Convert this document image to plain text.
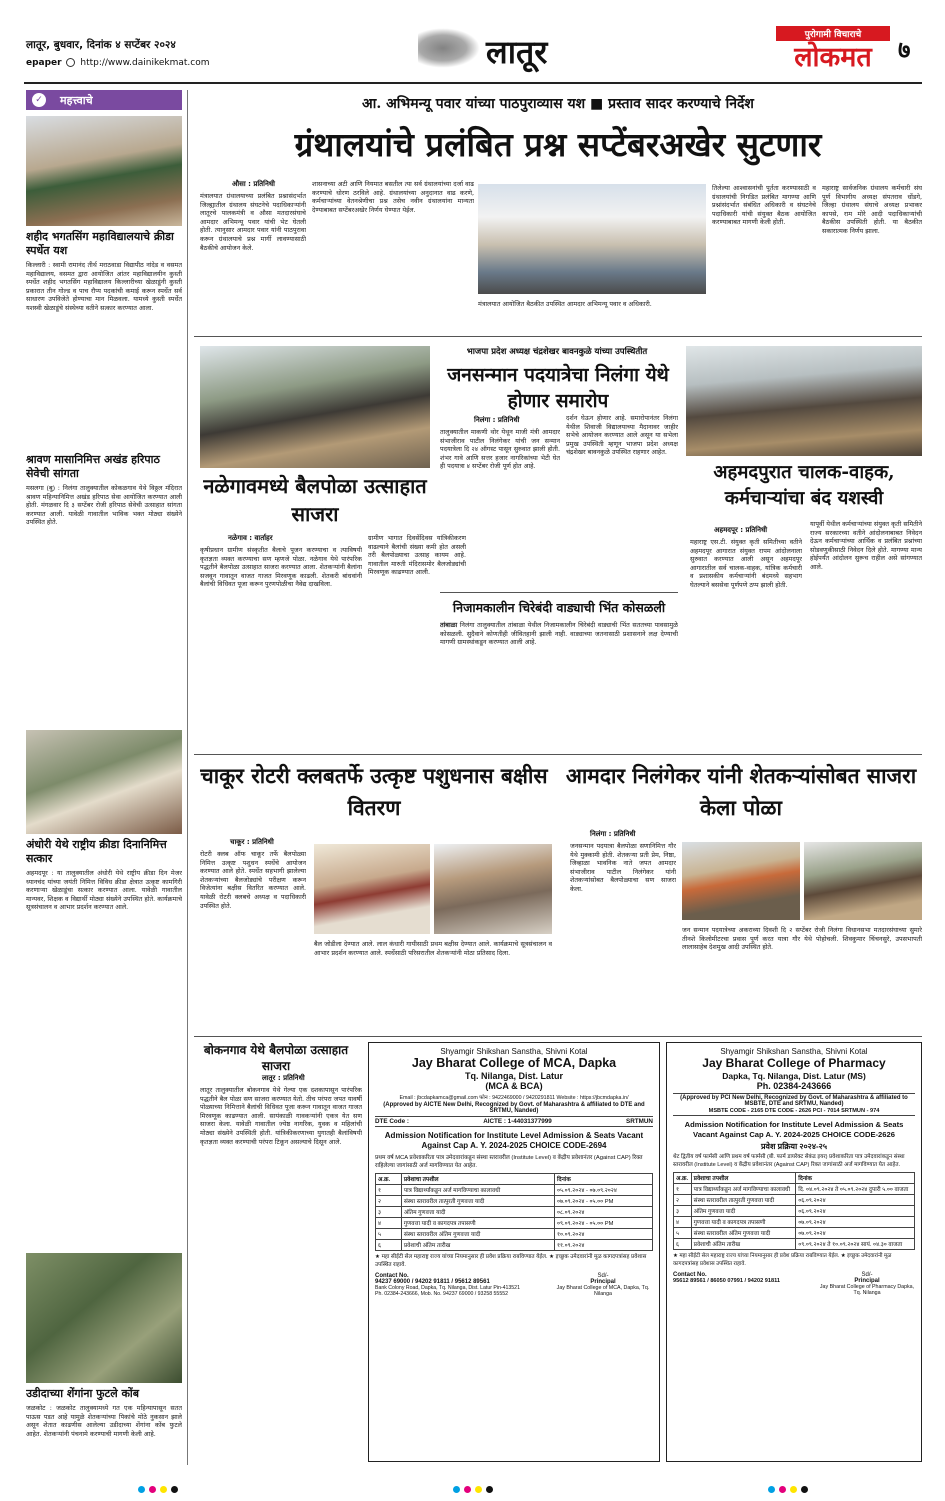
लातूर, बुधवार, दिनांक ४ सप्टेंबर २०२४
epaper http://www.dainikekmat.com	लातूर	पुरोगामी विचाराचे
लोकमत	७
✓ महत्त्वाचे
शहीद भगतसिंग महाविद्यालयाचे क्रीडा स्पर्धेत यश
किल्लारी : स्वामी रामानंद तीर्थ मराठवाडा विद्यापीठ नांदेड व वसमत महाविद्यालय, वसमत द्वारा आयोजित आंतर महाविद्यालयीन कुस्ती स्पर्धेत शहीद भगतसिंग महाविद्यालय किल्लारीच्या खेळाडूंनी कुस्ती प्रकारात तीन गोल्ड व पाच रौप्य पदकांची कमाई करून स्पर्धेत सर्व साधारण उपविजेते होण्याचा मान मिळवला. यामध्ये कुस्ती स्पर्धेत यशस्वी खेळाडूंचे संस्थेच्या वतीने सत्कार करण्यात आला.
श्रावण मासानिमित्त अखंड हरिपाठ सेवेची सांगता
मसलगा (बु) : निलंगा तालुक्यातील कोकळगाव येथे विठ्ठल मंदिरात श्रावण महिन्यानिमित्त अखंड हरिपाठ सेवा आयोजित करण्यात आली होती. मंगळवार दि ३ सप्टेंबर रोजी हरिपाठ सेवेची उत्साहात सांगता करण्यात आली. यावेळी गावातील भाविक भक्त मोठ्या संख्येने उपस्थित होते.
अंधोरी येथे राष्ट्रीय क्रीडा दिनानिमित्त सत्कार
अहमदपूर : या तालुक्यातील अंधोरी येथे राष्ट्रीय क्रीडा दिन मेजर ध्यानचंद यांच्या जयंती निमित्त विविध क्रीडा क्षेत्रात उत्कृष्ट कामगिरी करणाऱ्या खेळाडूंचा सत्कार करण्यात आला. यावेळी गावातील मान्यवर, शिक्षक व विद्यार्थी मोठ्या संख्येने उपस्थित होते. कार्यक्रमाचे सूत्रसंचालन व आभार प्रदर्शन करण्यात आले.
उडीदाच्या शेंगांना फुटले कोंब
जळकोट : जळकोट तालुक्यामध्ये गत एक महिन्यापासून सतत पाऊस पडत आहे यामुळे शेतकऱ्यांच्या पिकांचे मोठे नुकसान झाले असून शेतात काढणीस आलेल्या उडीदाच्या शेंगांना कोंब फुटले आहेत. शेतकऱ्यांनी पंचनामे करण्याची मागणी केली आहे.
आ. अभिमन्यू पवार यांच्या पाठपुराव्यास यश ■ प्रस्ताव सादर करण्याचे निर्देश
ग्रंथालयांचे प्रलंबित प्रश्न सप्टेंबरअखेर सुटणार
औसा : प्रतिनिधी
मंत्रालयात ग्रंथालयाच्या प्रलंबित प्रश्नासंदर्भात जिल्ह्यातील ग्रंथालय संघटनेचे पदाधिकाऱ्यांनी लातूरचे पालकमंत्री व औसा मतदारसंघाचे आमदार अभिमन्यू पवार यांची भेट घेतली होती. त्यानुसार आमदार पवार यांनी पाठपुरावा करून ग्रंथालयाचे प्रश्न मार्गी लावण्यासाठी बैठकीचे आयोजन केले.
शासनाच्या अटी आणि नियमात बसतील त्या सर्व ग्रंथालयांच्या दर्जा वाढ करण्याचे धोरण ठरविले आहे. ग्रंथालयांच्या अनुदानात वाढ करणे, कर्मचाऱ्यांच्या वेतनश्रेणीचा प्रश्न तसेच नवीन ग्रंथालयांना मान्यता देण्याबाबत सप्टेंबरअखेर निर्णय घेण्यात येईल.
मंत्रालयात आयोजित बैठकीत उपस्थित आमदार अभिमन्यू पवार व अधिकारी.
तिलेल्या आश्वासनांची पूर्तता करण्यासाठी व ग्रंथालयांची निगडित प्रलंबित मागण्या आणि प्रश्नांसंदर्भात संबंधित अधिकारी व संघटनेचे पदाधिकारी यांची संयुक्त बैठक आयोजित करण्याबाबत मागणी केली होती.
महाराष्ट्र सार्वजनिक ग्रंथालय कर्मचारी संघ पूर्ण विभागीय अध्यक्ष संपतराव धोंडगे, जिल्हा ग्रंथालय संघाचे अध्यक्ष प्रभाकर कापसे, राम मोरे आदी पदाधिकाऱ्यांची बैठकीस उपस्थिती होती. या बैठकीत सकारात्मक निर्णय झाला.
नळेगावमध्ये बैलपोळा उत्साहात साजरा
नळेगाव : वार्ताहर
कृषीप्रधान ग्रामीण संस्कृतीत बैलाचे पूजन करण्याचा व त्याविषयी कृतज्ञता व्यक्त करण्याचा सण म्हणजे पोळा. नळेगाव येथे पारंपरिक पद्धतीने बैलपोळा उत्साहात साजरा करण्यात आला. शेतकऱ्यांनी बैलांना सजवून गावातून वाजत गाजत मिरवणूक काढली. शेतकरी बांधवांनी बैलांची विधिवत पूजा करून पुरणपोळीचा नैवेद्य दाखविला.
ग्रामीण भागात दिवसेंदिवस यांत्रिकीकरण वाढल्याने बैलांची संख्या कमी होत असली तरी बैलपोळ्याचा उत्साह कायम आहे. गावातील मारुती मंदिरासमोर बैलजोड्यांची मिरवणूक काढण्यात आली.
भाजपा प्रदेश अध्यक्ष चंद्रशेखर बावनकुळे यांच्या उपस्थितीत
जनसन्मान पदयात्रेचा निलंगा येथे होणार समारोप
निलंगा : प्रतिनिधी
तालुक्यातील माकणी थोर येथून माजी मंत्री आमदार संभाजीराव पाटील निलंगेकर यांची जन सन्मान पदयात्रेला दि २४ ऑगस्ट पासून सुरुवात झाली होती. शंभर गावे आणि सत्तर हजार नागरिकांच्या भेटी घेत ही पदयात्रा ४ सप्टेंबर रोजी पूर्ण होत आहे.
दर्शन घेऊन होणार आहे. समारोपानंतर निलंगा येथील शिवाजी विद्यालयाच्या मैदानावर जाहीर सभेचे आयोजन करण्यात आले असून या सभेला प्रमुख उपस्थिती म्हणून भाजपा प्रदेश अध्यक्ष चंद्रशेखर बावनकुळे उपस्थित राहणार आहेत.
निजामकालीन चिरेबंदी वाड्याची भिंत कोसळली
तांबाळा निलंगा तालुक्यातील तांबाळा येथील निजामकालीन चिरेबंदी वाड्याची भिंत सततच्या पावसामुळे कोसळली. सुदैवाने कोणतीही जीवितहानी झाली नाही. वाड्याच्या जतनासाठी प्रशासनाने लक्ष देण्याची मागणी ग्रामस्थांकडून करण्यात आली आहे.
अहमदपुरात चालक-वाहक, कर्मचाऱ्यांचा बंद यशस्वी
अहमदपूर : प्रतिनिधी
महाराष्ट्र एस.टी. संयुक्त कृती समितीच्या वतीने अहमदपूर आगारात संयुक्त रापम आंदोलनाला सुरुवात करण्यात आली असून अहमदपूर आगारातील सर्व चालक-वाहक, यांत्रिक कर्मचारी व प्रशासकीय कर्मचाऱ्यांनी बंदमध्ये सहभाग घेतल्याने बससेवा पूर्णपणे ठप्प झाली होती.
यापूर्वी येथील कर्मचाऱ्यांच्या संयुक्त कृती समितीने राज्य सरकारच्या वतीने आंदोलनाबाबत निवेदन देऊन कर्मचाऱ्यांच्या आर्थिक व प्रलंबित प्रश्नांच्या सोडवणुकीसाठी निवेदन दिले होते. मागण्या मान्य होईपर्यंत आंदोलन सुरूच राहील असे सांगण्यात आले.
चाकूर रोटरी क्लबतर्फे उत्कृष्ट पशुधनास बक्षीस वितरण
चाकूर : प्रतिनिधी
रोटरी क्लब ऑफ चाकूर तर्फे बैलपोळ्या निमित्त उत्कृष्ट पशुधन स्पर्धेचे आयोजन करण्यात आले होते. स्पर्धेत सहभागी झालेल्या शेतकऱ्यांच्या बैलजोड्यांचे परीक्षण करून विजेत्यांना बक्षीस वितरित करण्यात आले. यावेळी रोटरी क्लबचे अध्यक्ष व पदाधिकारी उपस्थित होते.
बैल जोडीला देण्यात आले. लाल कंधारी गायीसाठी प्रथम बक्षीस देण्यात आले. कार्यक्रमाचे सूत्रसंचालन व आभार प्रदर्शन करण्यात आले. स्पर्धेसाठी परिसरातील शेतकऱ्यांनी मोठा प्रतिसाद दिला.
आमदार निलंगेकर यांनी शेतकऱ्यांसोबत साजरा केला पोळा
निलंगा : प्रतिनिधी
जनसन्मान पदयात्रा बैलपोळा सणानिमित्त गौर येथे मुक्कामी होती. शेतकऱ्या प्रती प्रेम, निष्ठा, जिव्हाळा भावनिक नाते जपत आमदार संभाजीराव पाटील निलंगेकर यांनी शेतकऱ्यांसोबत बैलपोळ्याचा सण साजरा केला.
जन सन्मान पदयात्रेच्या अकराव्या दिवशी दि २ सप्टेंबर रोजी निलंगा विधानसभा मतदारसंघाच्या सुमारे तीनशे किलोमीटरचा प्रवास पूर्ण करत यात्रा गौर येथे पोहोचली. शिवकुमार चिंचनसुरे, उपसभापती लालासाहेब देशमुख आदी उपस्थित होते.
बोकनगाव येथे बैलपोळा उत्साहात साजरा
लातूर : प्रतिनिधी
लातूर तालुक्यातील बोकनगाव येथे गेल्या एक दशकापासून पारंपरिक पद्धतीने बैल पोळा सण साजरा करण्यात येतो. तीच परंपरा जपत यावर्षी पोळ्याच्या निमित्ताने बैलांची विधिवत पूजा करून गावातून वाजत गाजत मिरवणूक काढण्यात आली. सायंकाळी गावकऱ्यांनी एकत्र येत सण साजरा केला. यावेळी गावातील ज्येष्ठ नागरिक, युवक व महिलांची मोठ्या संख्येने उपस्थिती होती. यांत्रिकीकरणाच्या युगातही बैलांविषयी कृतज्ञता व्यक्त करण्याची परंपरा टिकून असल्याचे दिसून आले.
Shyamgir Shikshan Sanstha, Shivni Kotal
Jay Bharat College of MCA, Dapka
Tq. Nilanga, Dist. Latur
(MCA & BCA)
Email : jbcdapkamca@gmail.com फोन : 9422469000 / 9420291811 Website : https://jbcmdapka.in/
(Approved by AICTE New Delhi, Recognized by Govt. of Maharashtra & affiliated to DTE and SRTMU, Nanded)
DTE Code :	AICTE : 1-44031377999	SRTMUN
Admission Notification for Institute Level Admission & Seats Vacant Against Cap A. Y. 2024-2025 CHOICE CODE-2694
प्रथम वर्ष MCA प्रवेशाकरिता पात्र उमेदवारांकडून संस्था स्तरावरील (Institute Level) व केंद्रीय प्रवेशानंतर (Against CAP) रिक्त राहिलेल्या जागांसाठी अर्ज मागविण्यात येत आहेत.
अ.क्र.	प्रवेशाचा तपशील	दिनांक
१	पात्र विद्यार्थ्यांकडून अर्ज मागविण्याचा कालावधी	०५.०९.२०२४ - ०७.०९.२०२४
२	संस्था स्तरावरील तात्पुरती गुणवत्ता यादी	०७.०९.२०२४ - ०५.०० PM
३	अंतिम गुणवत्ता यादी	०८.०९.२०२४
४	गुणवत्ता यादी व कागदपत्र तपासणी	०९.०९.२०२४ - ०५.०० PM
५	संस्था स्तरावरील अंतिम गुणवत्ता यादी	१०.०९.२०२४
६	प्रवेशाची अंतिम तारीख	११.०९.२०२४
★ महा सीईटी सेल महाराष्ट्र राज्य यांच्या नियमानुसार ही प्रवेश प्रक्रिया राबविण्यात येईल. ★ इच्छुक उमेदवारांनी मूळ कागदपत्रांसह प्रवेशास उपस्थित राहावे.
Contact No.
94237 69000 / 94202 91811 / 95612 89561
Bank Colony Road, Dapka, Tq. Nilanga, Dist. Latur Pin-413521
Ph. 02384-243666, Mob. No. 94237 69000 / 93258 55552
Sd/-
Principal
Jay Bharat College of MCA, Dapka, Tq. Nilanga
Shyamgir Shikshan Sanstha, Shivni Kotal
Jay Bharat College of Pharmacy
Dapka, Tq. Nilanga, Dist. Latur (MS)
Ph. 02384-243666
(Approved by PCI New Delhi, Recognized by Govt. of Maharashtra & affiliated to MSBTE, DTE and SRTMU, Nanded)
MSBTE CODE - 2165 DTE CODE - 2626 PCI - 7014 SRTMUN - 974
Admission Notification for Institute Level Admission & Seats Vacant Against Cap A. Y. 2024-2025 CHOICE CODE-2626
प्रवेश प्रक्रिया २०२४-२५
थेट द्वितीय वर्ष फार्मसी आणि प्रथम वर्ष फार्मसी (बी. फार्म डायरेक्ट सेकंड इयर) प्रवेशाकरिता पात्र उमेदवारांकडून संस्था स्तरावरील (Institute Level) व केंद्रीय प्रवेशानंतर (Against CAP) रिक्त जागांसाठी अर्ज मागविण्यात येत आहेत.
अ.क्र.	प्रवेशाचा तपशील	दिनांक
१	पात्र विद्यार्थ्यांकडून अर्ज मागविण्याचा कालावधी	दि. ०४.०९.२०२४ ते ०५.०९.२०२४ दुपारी ५.०० वाजता
२	संस्था स्तरावरील तात्पुरती गुणवत्ता यादी	०६.०९.२०२४
३	अंतिम गुणवत्ता यादी	०६.०९.२०२४
४	गुणवत्ता यादी व कागदपत्र तपासणी	०७.०९.२०२४
५	संस्था स्तरावरील अंतिम गुणवत्ता यादी	०७.०९.२०२४
६	प्रवेशाची अंतिम तारीख	०९.०९.२०२४ ते १०.०९.२०२४ सायं. ०४.३० वाजता
★ महा सीईटी सेल महाराष्ट्र राज्य यांच्या नियमानुसार ही प्रवेश प्रक्रिया राबविण्यात येईल. ★ इच्छुक उमेदवारांनी मूळ कागदपत्रांसह प्रवेशास उपस्थित राहावे.
Contact No.
95612 89561 / 86050 07991 / 94202 91811
Sd/-
Principal
Jay Bharat College of Pharmacy Dapka, Tq. Nilanga
